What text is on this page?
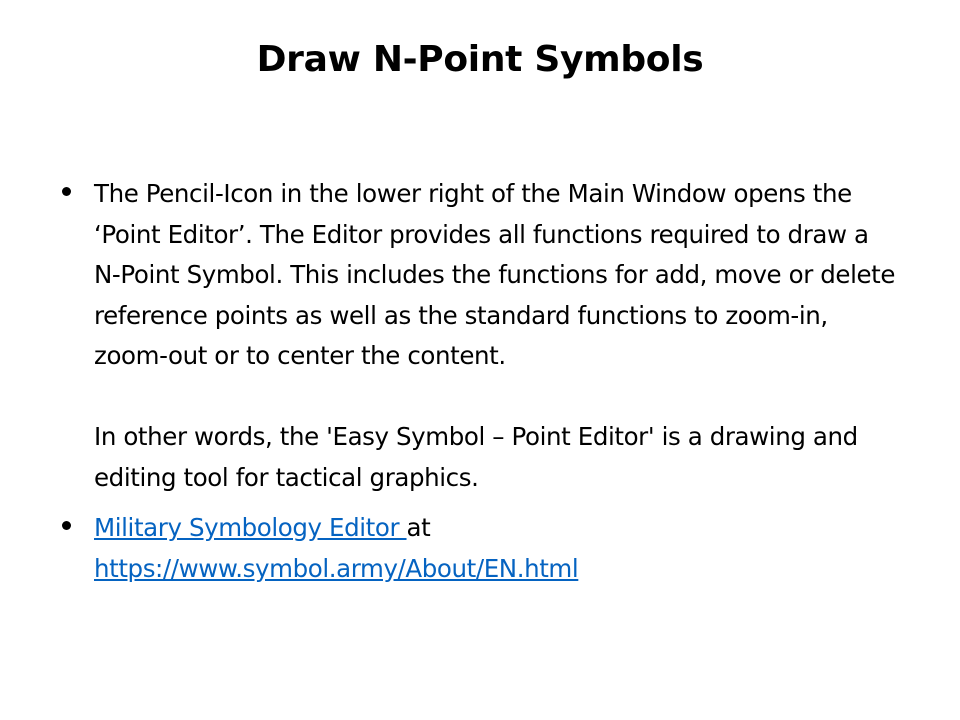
Draw N-Point Symbols
The Pencil-Icon in the lower right of the Main Window opens the ‘Point Editor’. The Editor provides all functions required to draw a N-Point Symbol. This includes the functions for add, move or delete reference points as well as the standard functions to zoom-in, zoom-out or to center the content.
In other words, the 'Easy Symbol – Point Editor' is a drawing and editing tool for tactical graphics.
Military Symbology Editor at https://www.symbol.army/About/EN.html
